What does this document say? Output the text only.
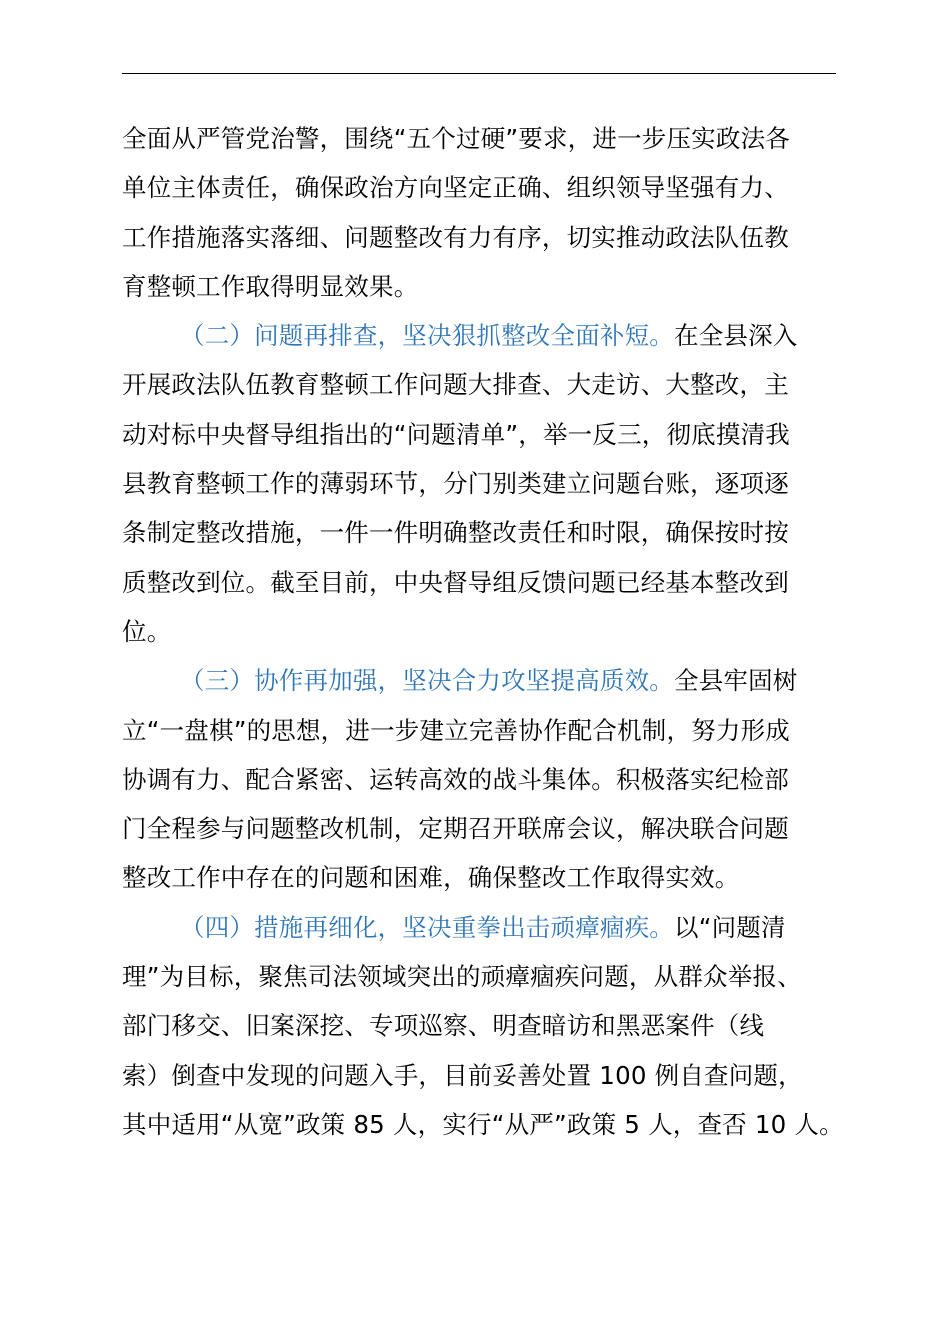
全面从严管党治警，围绕“五个过硬”要求，进一步压实政法各
单位主体责任，确保政治方向坚定正确、组织领导坚强有力、
工作措施落实落细、问题整改有力有序，切实推动政法队伍教
育整顿工作取得明显效果。
（二）问题再排查，坚决狠抓整改全面补短。在全县深入
开展政法队伍教育整顿工作问题大排查、大走访、大整改，主
动对标中央督导组指出的“问题清单”，举一反三，彻底摸清我
县教育整顿工作的薄弱环节，分门别类建立问题台账，逐项逐
条制定整改措施，一件一件明确整改责任和时限，确保按时按
质整改到位。截至目前，中央督导组反馈问题已经基本整改到
位。
（三）协作再加强，坚决合力攻坚提高质效。全县牢固树
立“一盘棋”的思想，进一步建立完善协作配合机制，努力形成
协调有力、配合紧密、运转高效的战斗集体。积极落实纪检部
门全程参与问题整改机制，定期召开联席会议，解决联合问题
整改工作中存在的问题和困难，确保整改工作取得实效。
（四）措施再细化，坚决重拳出击顽瘴痼疾。以“问题清
理”为目标，聚焦司法领域突出的顽瘴痼疾问题，从群众举报、
部门移交、旧案深挖、专项巡察、明查暗访和黑恶案件（线
索）倒查中发现的问题入手，目前妥善处置 100 例自查问题，
其中适用“从宽”政策 85 人，实行“从严”政策 5 人，查否 10 人。
